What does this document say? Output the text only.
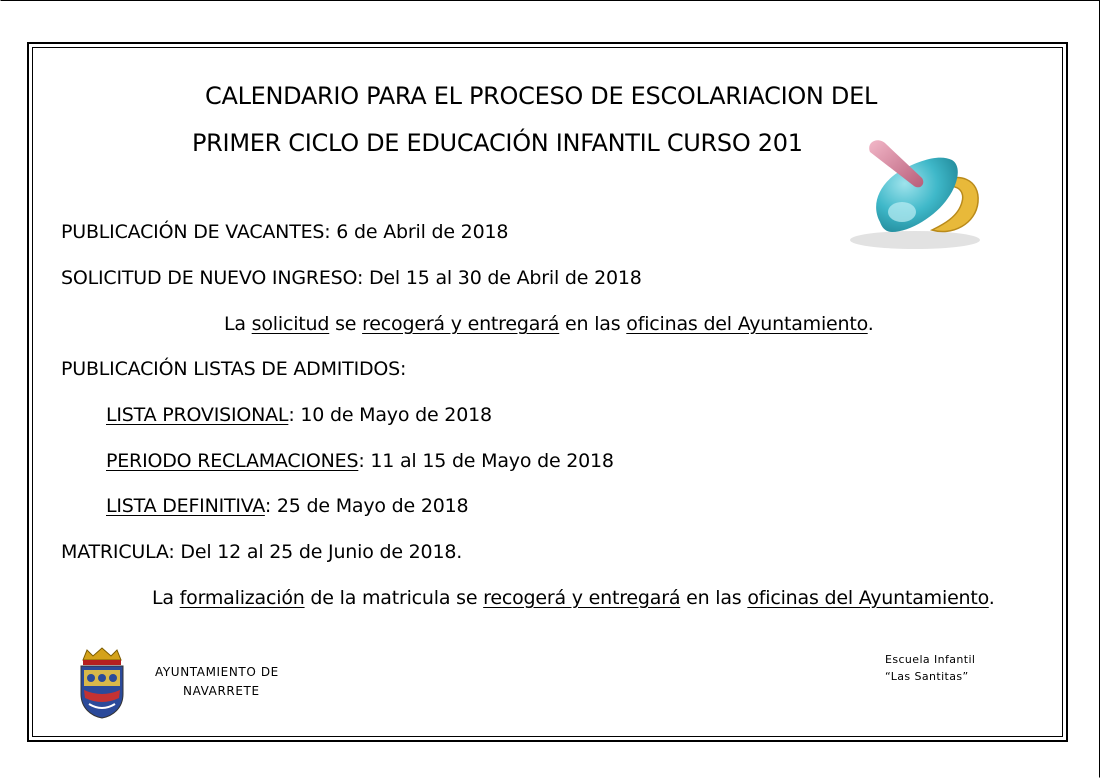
CALENDARIO PARA EL PROCESO DE ESCOLARIACION DEL
PRIMER CICLO DE EDUCACIÓN INFANTIL CURSO 201
PUBLICACIÓN DE VACANTES: 6 de Abril de 2018
SOLICITUD DE NUEVO INGRESO: Del 15 al 30 de Abril de 2018
La solicitud se recogerá y entregará en las oficinas del Ayuntamiento.
PUBLICACIÓN LISTAS DE ADMITIDOS:
LISTA PROVISIONAL: 10 de Mayo de 2018
PERIODO RECLAMACIONES: 11 al 15 de Mayo de 2018
LISTA DEFINITIVA: 25 de Mayo de 2018
MATRICULA: Del 12 al 25 de Junio de 2018.
La formalización de la matricula se recogerá y entregará en las oficinas del Ayuntamiento.
AYUNTAMIENTO DE
NAVARRETE
Escuela Infantil
“Las Santitas”
